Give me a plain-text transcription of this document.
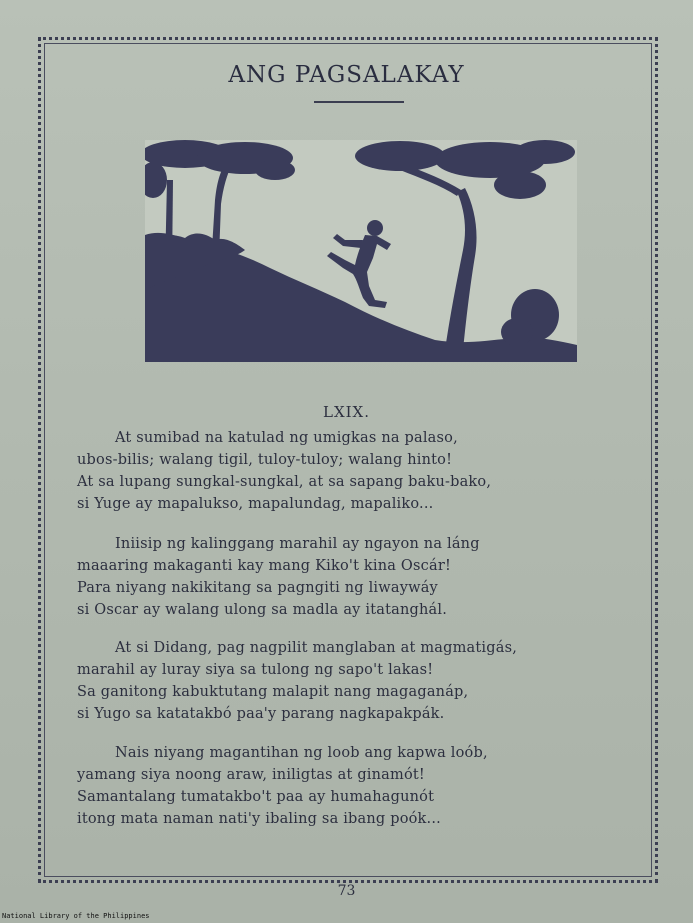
ANG PAGSALAKAY
LXIX.
At sumibad na katulad ng umigkas na palaso,
ubos-bilis; walang tigil, tuloy-tuloy; walang hinto!
At sa lupang sungkal-sungkal, at sa sapang baku-bako,
si Yuge ay mapalukso, mapalundag, mapaliko...
Iniisip ng kalinggang marahil ay ngayon na láng
maaaring makaganti kay mang Kiko't kina Oscár!
Para niyang nakikitang sa pagngiti ng liwaywáy
si Oscar ay walang ulong sa madla ay itatanghál.
At si Didang, pag nagpilit manglaban at magmatigás,
marahil ay luray siya sa tulong ng sapo't lakas!
Sa ganitong kabuktutang malapit nang magaganáp,
si Yugo sa katatakbó paa'y parang nagkapakpák.
Nais niyang magantihan ng loob ang kapwa loób,
yamang siya noong araw, iniligtas at ginamót!
Samantalang tumatakbo't paa ay humahagunót
itong mata naman nati'y ibaling sa ibang poók...
73
National Library of the Philippines
